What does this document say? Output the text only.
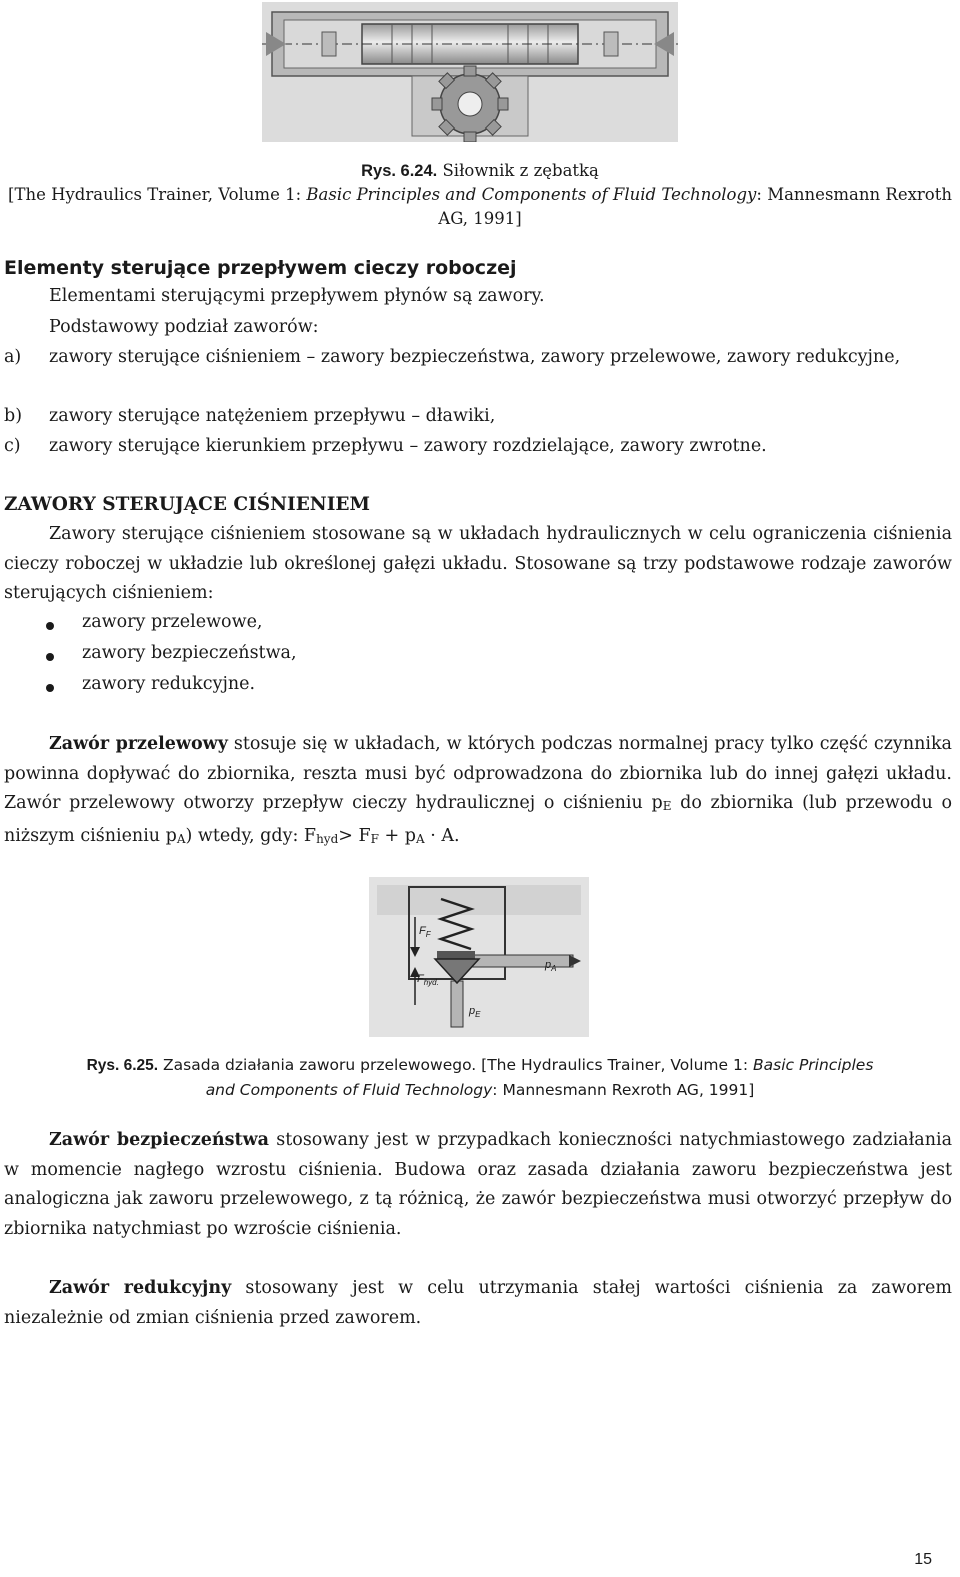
Rys. 6.24. Siłownik z zębatką
[The Hydraulics Trainer, Volume 1: Basic Principles and Components of Fluid Technology: Mannesmann Rexroth AG, 1991]
Elementy sterujące przepływem cieczy roboczej
Elementami sterującymi przepływem płynów są zawory.
Podstawowy podział zaworów:
a)	zawory sterujące ciśnieniem – zawory bezpieczeństwa, zawory przelewowe, zawory redukcyjne,
b)	zawory sterujące natężeniem przepływu – dławiki,
c)	zawory sterujące kierunkiem przepływu – zawory rozdzielające, zawory zwrotne.
ZAWORY STERUJĄCE CIŚNIENIEM
Zawory sterujące ciśnieniem stosowane są w układach hydraulicznych w celu ograniczenia ciśnienia cieczy roboczej w układzie lub określonej gałęzi układu. Stosowane są trzy podstawowe rodzaje zaworów sterujących ciśnieniem:
zawory przelewowe,
zawory bezpieczeństwa,
zawory redukcyjne.
Zawór przelewowy stosuje się w układach, w których podczas normalnej pracy tylko część czynnika powinna dopływać do zbiornika, reszta musi być odprowadzona do zbiornika lub do innej gałęzi układu. Zawór przelewowy otworzy przepływ cieczy hydraulicznej o ciśnieniu $p_E$ do zbiornika (lub przewodu o niższym ciśnieniu $p_A$) wtedy, gdy: $F_{hyd}> F_F + p_A \cdot A$.
$F_F$
$F_{hyd.}$
$p_A$
$p_E$
Rys. 6.25. Zasada działania zaworu przelewowego. [The Hydraulics Trainer, Volume 1: Basic Principles
and Components of Fluid Technology: Mannesmann Rexroth AG, 1991]
Zawór bezpieczeństwa stosowany jest w przypadkach konieczności natychmiastowego zadziałania w momencie nagłego wzrostu ciśnienia. Budowa oraz zasada działania zaworu bezpieczeństwa jest analogiczna jak zaworu przelewowego, z tą różnicą, że zawór bezpieczeństwa musi otworzyć przepływ do zbiornika natychmiast po wzroście ciśnienia.
Zawór redukcyjny stosowany jest w celu utrzymania stałej wartości ciśnienia za zaworem niezależnie od zmian ciśnienia przed zaworem.
15
